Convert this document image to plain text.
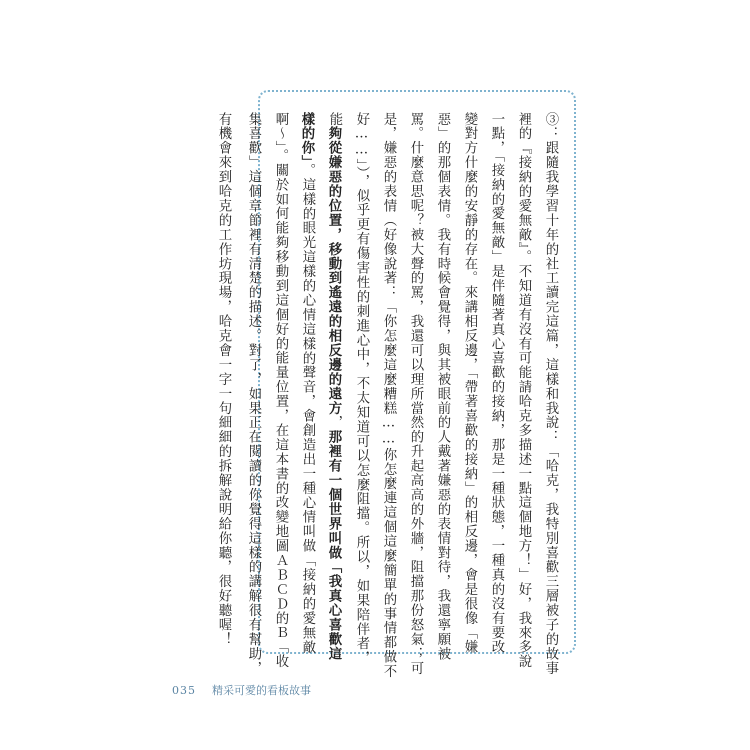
③：跟隨我學習十年的社工讀完這篇，這樣和我說：「哈克，我特別喜歡三層被子的故事
裡的『接納的愛無敵』。不知道有沒有可能請哈克多描述一點這個地方！」好，我來多說
一點，「接納的愛無敵」是伴隨著真心喜歡的接納，那是一種狀態，一種真的沒有要改
變對方什麼的安靜的存在。來講相反邊，「帶著喜歡的接納」的相反邊，會是很像「嫌
惡」的那個表情。我有時候會覺得，與其被眼前的人戴著嫌惡的表情對待，我還寧願被
罵。什麼意思呢？被大聲的罵，我還可以理所當然的升起高高的外牆，阻擋那份怒氣；可
是，嫌惡的表情（好像說著：「你怎麼這麼糟糕……你怎麼連這個這麼簡單的事情都做不
好……」），似乎更有傷害性的刺進心中，不太知道可以怎麼阻擋。所以，如果陪伴者，
能夠從嫌惡的位置，移動到遙遠的相反邊的遠方，那裡有一個世界叫做「我真心喜歡這
樣的你」。這樣的眼光這樣的心情這樣的聲音，會創造出一種心情叫做「接納的愛無敵
啊～」。關於如何能夠移動到這個好的能量位置，在這本書的改變地圖ＡＢＣＤ的Ｂ「收
集喜歡」這個章節裡有清楚的描述。對了，如果正在閱讀的你覺得這樣的講解很有幫助，
有機會來到哈克的工作坊現場，哈克會一字一句細細的拆解說明給你聽，很好聽喔！
035 精采可愛的看板故事
